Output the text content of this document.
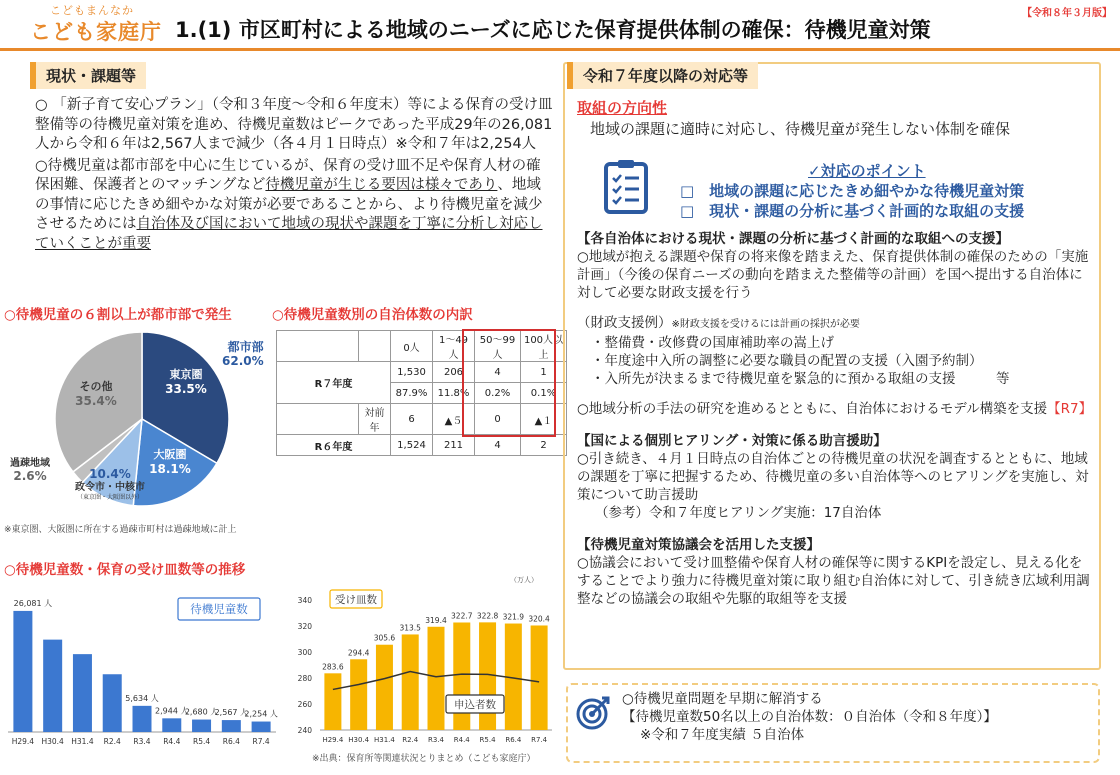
こどもまんなか
こども家庭庁 1.(1) 市区町村による地域のニーズに応じた保育提供体制の確保：待機児童対策
【令和８年３月版】
現状・課題等

○ 「新子育て安心プラン」（令和３年度～令和６年度末）等による保育の受け皿整備等の待機児童対策を進め、待機児童数はピークであった平成29年の26,081人から令和６年は2,567人まで減少（各４月１日時点）※令和７年は2,254人

○待機児童は都市部を中心に生じているが、保育の受け皿不足や保育人材の確保困難、保護者とのマッチングなど待機児童が生じる要因は様々であり、地域の事情に応じたきめ細やかな対策が必要であることから、より待機児童を減少させるためには自治体及び国において地域の現状や課題を丁寧に分析し対応していくことが重要

○待機児童の６割以上が都市部で発生	○待機児童数別の自治体数の内訳
東京圏
33.5%
大阪圏
18.1%
10.4%
政令市・中核市
（東京圏・大阪圏以外）
過疎地域
2.6%
その他
35.4%
都市部
62.0%
※東京圏、大阪圏に所在する過疎市町村は過疎地域に計上
		0人	1～49人	50～99人	100人以上
R７年度		1,530	206	4	1
		87.9%	11.8%	0.2%	0.1%
	対前年	6	▲５	0	▲１
R６年度		1,524	211	4	2
○待機児童数・保育の受け皿数等の推移
26,081 人
H29.4 H30.4 H31.4 R2.4
5,634 人
R3.4
2,944 人
R4.4
2,680 人
R5.4
2,567 人
R6.4
2,254 人
R7.4
待機児童数
340
320
300
280
260
240
283.6
H29.4
294.4
H30.4
305.6
H31.4
313.5
R2.4
319.4
R3.4
322.7
R4.4
322.8
R5.4
321.9
R6.4
320.4
R7.4
（万人）
受け皿数
申込者数
※出典：保育所等関連状況とりまとめ（こども家庭庁）
令和７年度以降の対応等
取組の方向性
地域の課題に適時に対応し、待機児童が発生しない体制を確保
✓対応のポイント
□　地域の課題に応じたきめ細やかな待機児童対策
□　現状・課題の分析に基づく計画的な取組の支援
【各自治体における現状・課題の分析に基づく計画的な取組への支援】
○地域が抱える課題や保育の将来像を踏まえた、保育提供体制の確保のための「実施計画」（今後の保育ニーズの動向を踏まえた整備等の計画）を国へ提出する自治体に対して必要な財政支援を行う
（財政支援例）※財政支援を受けるには計画の採択が必要
・整備費・改修費の国庫補助率の嵩上げ
・年度途中入所の調整に必要な職員の配置の支援（入園予約制）
・入所先が決まるまで待機児童を緊急的に預かる取組の支援　　　等
○地域分析の手法の研究を進めるとともに、自治体におけるモデル構築を支援【R7】
【国による個別ヒアリング・対策に係る助言援助】
○引き続き、４月１日時点の自治体ごとの待機児童の状況を調査するとともに、地域の課題を丁寧に把握するため、待機児童の多い自治体等へのヒアリングを実施し、対策について助言援助
（参考）令和７年度ヒアリング実施：17自治体
【待機児童対策協議会を活用した支援】
○協議会において受け皿整備や保育人材の確保等に関するKPIを設定し、見える化をすることでより強力に待機児童対策に取り組む自治体に対して、引き続き広域利用調整などの協議会の取組や先駆的取組等を支援
○待機児童問題を早期に解消する
【待機児童数50名以上の自治体数：０自治体（令和８年度）】
※令和７年度実績 ５自治体
